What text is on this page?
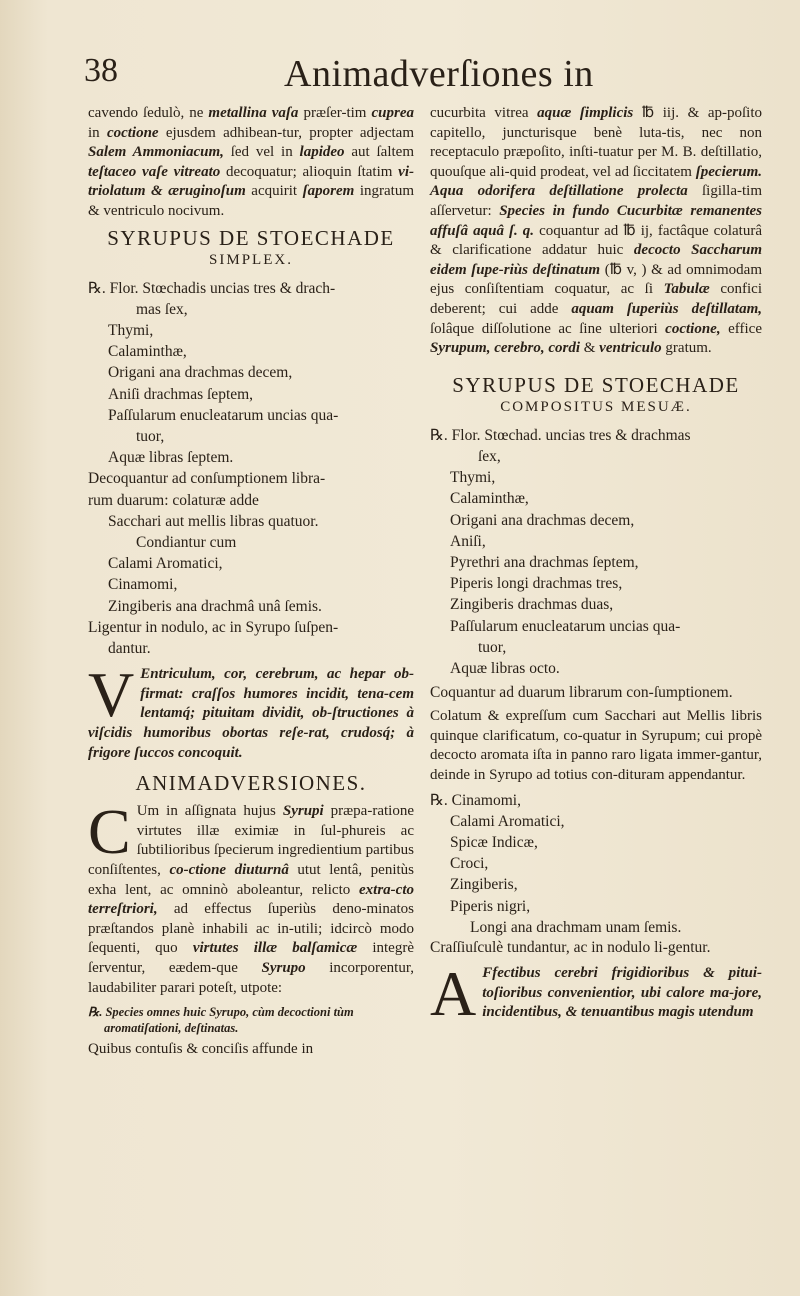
38	Animadverſiones in

cavendo ſedulò, ne metallina vaſa præſer-tim cuprea in coctione ejusdem adhibean-tur, propter adjectam Salem Ammoniacum, ſed vel in lapideo aut ſaltem teſtaceo vaſe vitreato decoquatur; alioquin ſtatim vi-triolatum & æruginoſum acquirit ſaporem ingratum & ventriculo nocivum.

SYRUPUS DE STOECHADE
SIMPLEX.
℞. Flor. Stœchadis uncias tres & drach-
mas ſex,
Thymi,
Calaminthæ,
Origani ana drachmas decem,
Aniſi drachmas ſeptem,
Paſſularum enucleatarum uncias qua-
tuor,
Aquæ libras ſeptem.
Decoquantur ad conſumptionem libra-
rum duarum: colaturæ adde
Sacchari aut mellis libras quatuor.
Condiantur cum
Calami Aromatici,
Cinamomi,
Zingiberis ana drachmâ unâ ſemis.
Ligentur in nodulo, ac in Syrupo ſuſpen-
dantur.

V Entriculum, cor, cerebrum, ac hepar ob-firmat: craſſos humores incidit, tena-cem lentamq́; pituitam dividit, ob-ſtructiones à viſcidis humoribus obortas reſe-rat, crudosq́; à frigore ſuccos concoquit.

ANIMADVERSIONES.

C Um in aſſignata hujus Syrupi præpa-ratione virtutes illæ eximiæ in ſul-phureis ac ſubtilioribus ſpecierum ingredientium partibus conſiſtentes, co-ctione diuturnâ utut lentâ, penitùs exha lent, ac omninò aboleantur, relicto extra-cto terreſtriori, ad effectus ſuperiùs deno-minatos præſtandos planè inhabili ac in-utili; idcircò modo ſequenti, quo virtutes illæ balſamicæ integrè ſerventur, eædem-que Syrupo incorporentur, laudabiliter parari poteſt, utpote:

℞. Species omnes huic Syrupo, cùm decoctioni tùm aromatiſationi, deſtinatas.

Quibus contuſis & conciſis affunde in

cucurbita vitrea aquæ ſimplicis ℔ iij. & ap-poſito capitello, juncturisque benè luta-tis, nec non receptaculo præpoſito, inſti-tuatur per M. B. deſtillatio, quouſque ali-quid prodeat, vel ad ſiccitatem ſpecierum. Aqua odorifera deſtillatione prolecta ſigilla-tim aſſervetur: Species in fundo Cucurbitæ remanentes affuſâ aquâ ſ. q. coquantur ad ℔ ij, factâque colaturâ & clarificatione addatur huic decocto Saccharum eidem ſupe-riùs deſtinatum (℔ v, ) & ad omnimodam ejus conſiſtentiam coquatur, ac ſi Tabulæ confici deberent; cui adde aquam ſuperiùs deſtillatam, ſolâque diſſolutione ac ſine ulteriori coctione, effice Syrupum, cerebro, cordi & ventriculo gratum.

SYRUPUS DE STOECHADE
COMPOSITUS MESUÆ.
℞. Flor. Stœchad. uncias tres & drachmas
ſex,
Thymi,
Calaminthæ,
Origani ana drachmas decem,
Aniſi,
Pyrethri ana drachmas ſeptem,
Piperis longi drachmas tres,
Zingiberis drachmas duas,
Paſſularum enucleatarum uncias qua-
tuor,
Aquæ libras octo.

Coquantur ad duarum librarum con-ſumptionem.

Colatum & expreſſum cum Sacchari aut Mellis libris quinque clarificatum, co-quatur in Syrupum; cui propè decocto aromata iſta in panno raro ligata immer-gantur, deinde in Syrupo ad totius con-dituram appendantur.

℞. Cinamomi,
Calami Aromatici,
Spicæ Indicæ,
Croci,
Zingiberis,
Piperis nigri,
Longi ana drachmam unam ſemis.

Craſſiuſculè tundantur, ac in nodulo li-gentur.

A Ffectibus cerebri frigidioribus & pitui-toſioribus convenientior, ubi calore ma-jore, incidentibus, & tenuantibus magis utendum
